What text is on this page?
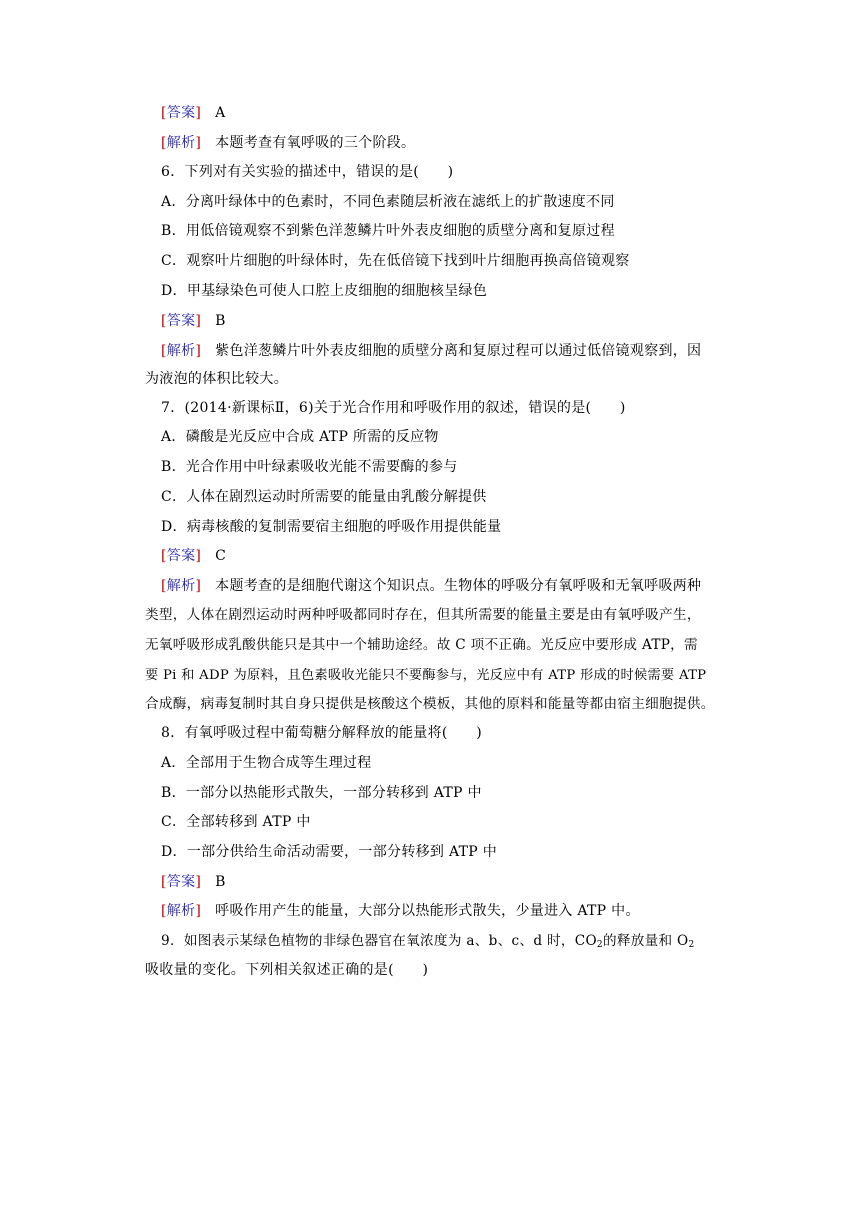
[答案] A
[解析] 本题考查有氧呼吸的三个阶段。
6．下列对有关实验的描述中，错误的是(　　)
A．分离叶绿体中的色素时，不同色素随层析液在滤纸上的扩散速度不同
B．用低倍镜观察不到紫色洋葱鳞片叶外表皮细胞的质壁分离和复原过程
C．观察叶片细胞的叶绿体时，先在低倍镜下找到叶片细胞再换高倍镜观察
D．甲基绿染色可使人口腔上皮细胞的细胞核呈绿色
[答案] B
[解析] 紫色洋葱鳞片叶外表皮细胞的质壁分离和复原过程可以通过低倍镜观察到，因
为液泡的体积比较大。
7．(2014·新课标Ⅱ，6)关于光合作用和呼吸作用的叙述，错误的是(　　)
A．磷酸是光反应中合成 ATP 所需的反应物
B．光合作用中叶绿素吸收光能不需要酶的参与
C．人体在剧烈运动时所需要的能量由乳酸分解提供
D．病毒核酸的复制需要宿主细胞的呼吸作用提供能量
[答案] C
[解析] 本题考查的是细胞代谢这个知识点。生物体的呼吸分有氧呼吸和无氧呼吸两种
类型，人体在剧烈运动时两种呼吸都同时存在，但其所需要的能量主要是由有氧呼吸产生，
无氧呼吸形成乳酸供能只是其中一个辅助途经。故 C 项不正确。光反应中要形成 ATP，需
要 Pi 和 ADP 为原料，且色素吸收光能只不要酶参与，光反应中有 ATP 形成的时候需要 ATP
合成酶，病毒复制时其自身只提供是核酸这个模板，其他的原料和能量等都由宿主细胞提供。
8．有氧呼吸过程中葡萄糖分解释放的能量将(　　)
A．全部用于生物合成等生理过程
B．一部分以热能形式散失，一部分转移到 ATP 中
C．全部转移到 ATP 中
D．一部分供给生命活动需要，一部分转移到 ATP 中
[答案] B
[解析] 呼吸作用产生的能量，大部分以热能形式散失，少量进入 ATP 中。
9．如图表示某绿色植物的非绿色器官在氧浓度为 a、b、c、d 时，$CO_2$的释放量和 $O_2$
吸收量的变化。下列相关叙述正确的是(　　)
